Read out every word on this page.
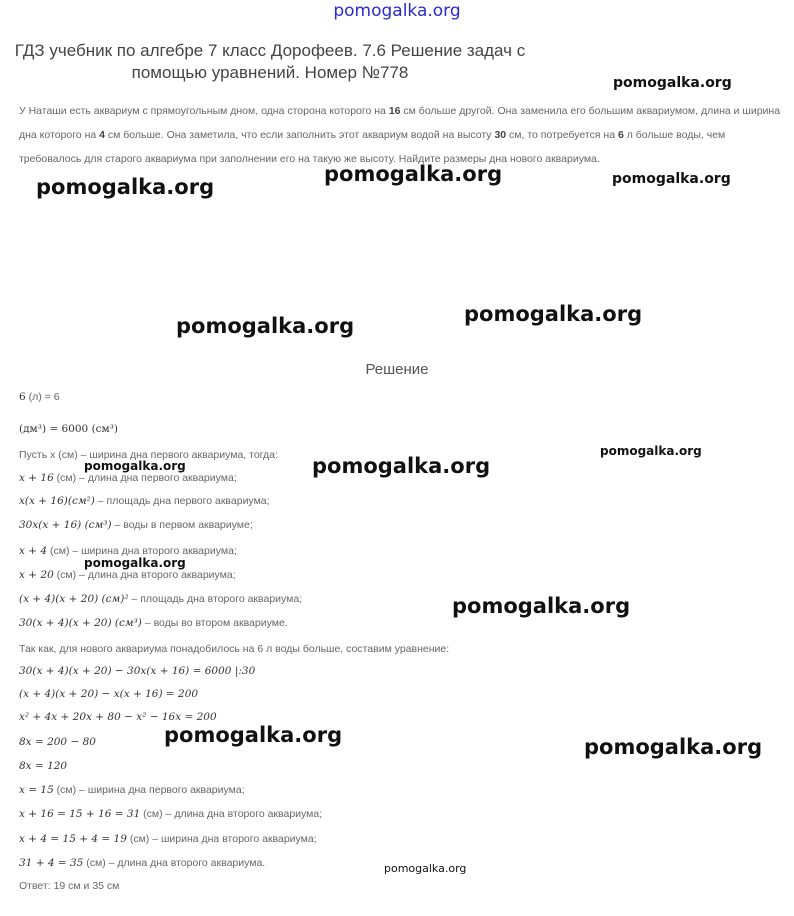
pomogalka.org
ГДЗ учебник по алгебре 7 класс Дорофеев. 7.6 Решение задач с помощью уравнений. Номер №778
У Наташи есть аквариум с прямоугольным дном, одна сторона которого на 16 см больше другой. Она заменила его большим аквариумом, длина и ширина дна которого на 4 см больше. Она заметила, что если заполнить этот аквариум водой на высоту 30 см, то потребуется на 6 л больше воды, чем требовалось для старого аквариума при заполнении его на такую же высоту. Найдите размеры дна нового аквариума.
Решение
6 (л) = 6
(дм³) = 6000 (см³)
Пусть x (см) – ширина дна первого аквариума, тогда:
x + 16 (см) – длина дна первого аквариума;
x(x + 16)(см²) – площадь дна первого аквариума;
30x(x + 16) (см³) – воды в первом аквариуме;
x + 4 (см) – ширина дна второго аквариума;
x + 20 (см) – длина дна второго аквариума;
(x + 4)(x + 20) (см)² – площадь дна второго аквариума;
30(x + 4)(x + 20) (см³) – воды во втором аквариуме.
Так как, для нового аквариума понадобилось на 6 л воды больше, составим уравнение:
30(x + 4)(x + 20) − 30x(x + 16) = 6000 |:30
(x + 4)(x + 20) − x(x + 16) = 200
x² + 4x + 20x + 80 − x² − 16x = 200
8x = 200 − 80
8x = 120
x = 15 (см) – ширина дна первого аквариума;
x + 16 = 15 + 16 = 31 (см) – длина дна второго аквариума;
x + 4 = 15 + 4 = 19 (см) – ширина дна второго аквариума;
31 + 4 = 35 (см) – длина дна второго аквариума.
Ответ: 19 см и 35 см
pomogalka.org
pomogalka.org
pomogalka.org	pomogalka.org
pomogalka.org	pomogalka.org
pomogalka.org
pomogalka.org	pomogalka.org
pomogalka.org
pomogalka.org
pomogalka.org	pomogalka.org
pomogalka.org
